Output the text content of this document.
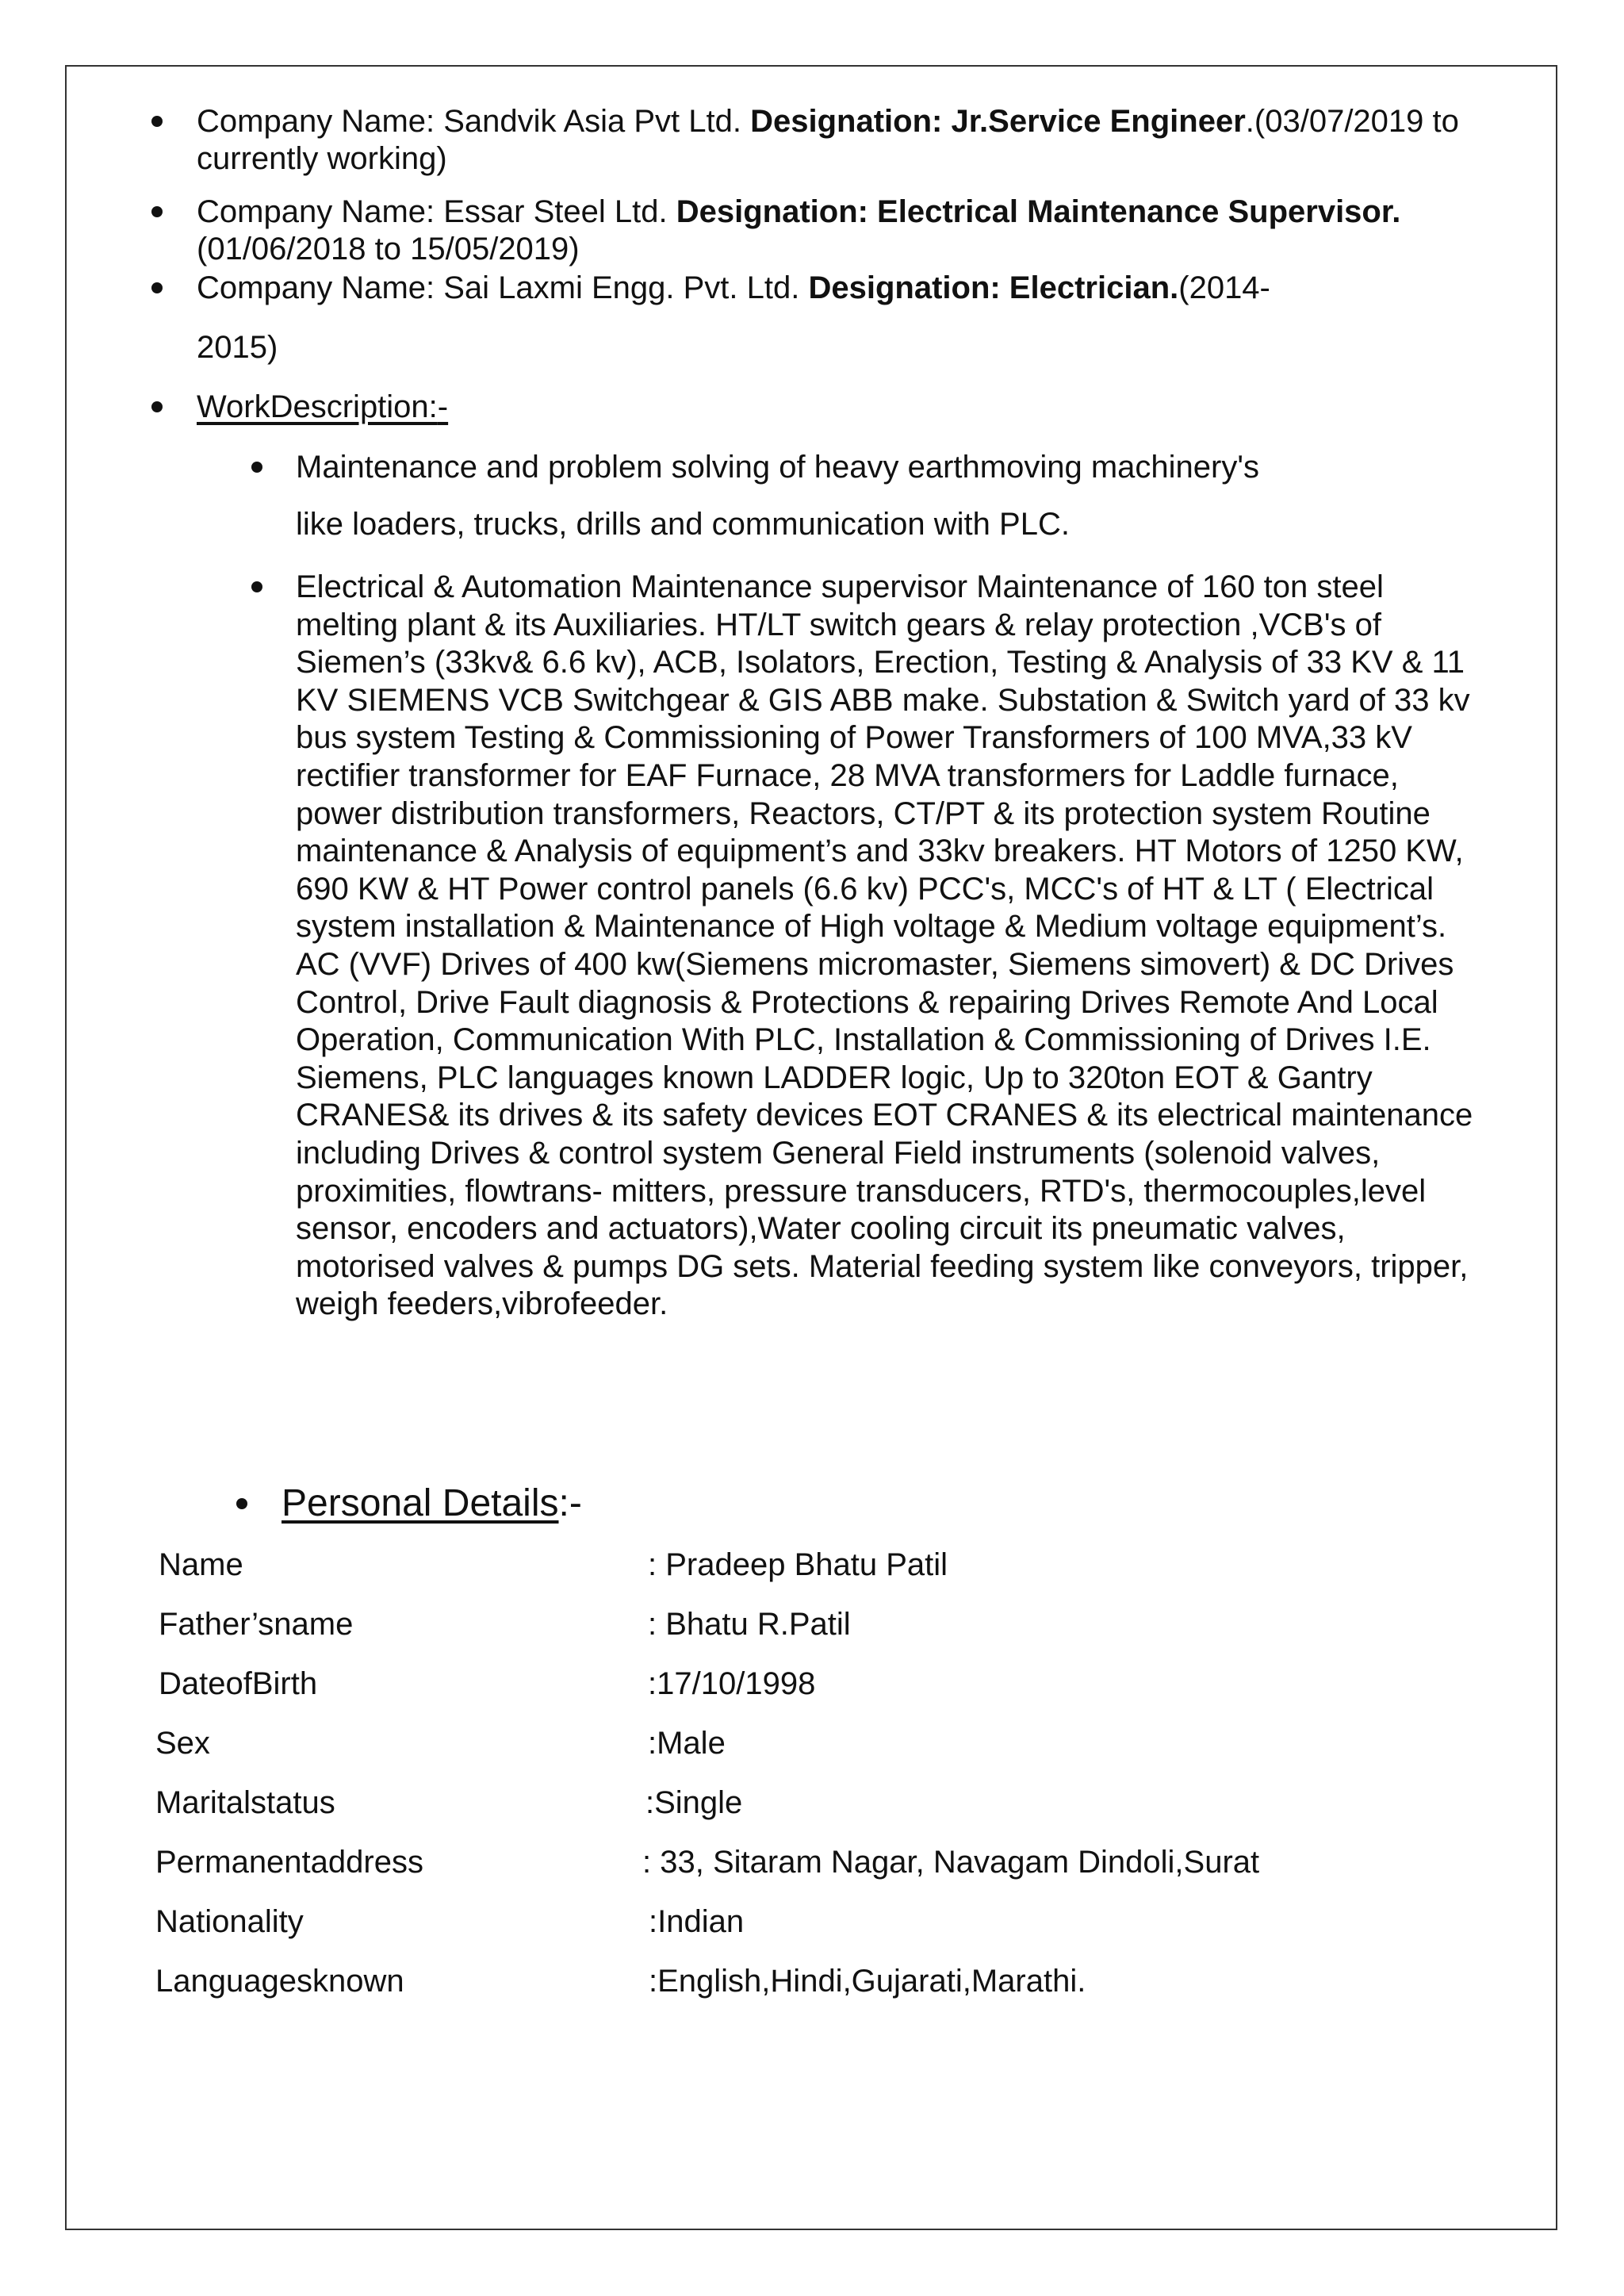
Company Name: Sandvik Asia Pvt Ltd. Designation: Jr.Service Engineer.(03/07/2019 to
currently working)
Company Name: Essar Steel Ltd. Designation: Electrical Maintenance Supervisor.
(01/06/2018 to 15/05/2019)
Company Name: Sai Laxmi Engg. Pvt. Ltd. Designation: Electrician.(2014-
2015)
WorkDescription:-
Maintenance and problem solving of heavy earthmoving machinery's
like loaders, trucks, drills and communication with PLC.
Electrical & Automation Maintenance supervisor Maintenance of 160 ton steel
melting plant & its Auxiliaries. HT/LT switch gears & relay protection ,VCB's of
Siemen’s (33kv& 6.6 kv), ACB, Isolators, Erection, Testing & Analysis of 33 KV & 11
KV SIEMENS VCB Switchgear & GIS ABB make. Substation & Switch yard of 33 kv
bus system Testing & Commissioning of Power Transformers of 100 MVA,33 kV
rectifier transformer for EAF Furnace, 28 MVA transformers for Laddle furnace,
power distribution transformers, Reactors, CT/PT & its protection system Routine
maintenance & Analysis of equipment’s and 33kv breakers. HT Motors of 1250 KW,
690 KW & HT Power control panels (6.6 kv) PCC's, MCC's of HT & LT ( Electrical
system installation & Maintenance of High voltage & Medium voltage equipment’s.
AC (VVF) Drives of 400 kw(Siemens micromaster, Siemens simovert) & DC Drives
Control, Drive Fault diagnosis & Protections & repairing Drives Remote And Local
Operation, Communication With PLC, Installation & Commissioning of Drives I.E.
Siemens, PLC languages known LADDER logic, Up to 320ton EOT & Gantry
CRANES& its drives & its safety devices EOT CRANES & its electrical maintenance
including Drives & control system General Field instruments (solenoid valves,
proximities, flowtrans- mitters, pressure transducers, RTD's, thermocouples,level
sensor, encoders and actuators),Water cooling circuit its pneumatic valves,
motorised valves & pumps DG sets. Material feeding system like conveyors, tripper,
weigh feeders,vibrofeeder.
Personal Details:-
Name	: Pradeep Bhatu Patil
Father’sname	: Bhatu R.Patil
DateofBirth	:17/10/1998
Sex	:Male
Maritalstatus	:Single
Permanentaddress	: 33, Sitaram Nagar, Navagam Dindoli,Surat
Nationality	:Indian
Languagesknown	:English,Hindi,Gujarati,Marathi.
